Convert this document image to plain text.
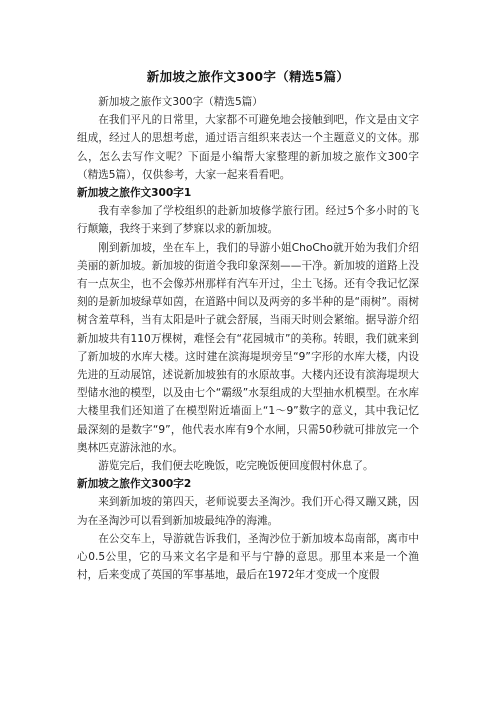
新加坡之旅作文300字（精选5篇）

新加坡之旅作文300字（精选5篇）

在我们平凡的日常里，大家都不可避免地会接触到吧，作文是由文字组成，经过人的思想考虑，通过语言组织来表达一个主题意义的文体。那么，怎么去写作文呢？下面是小编帮大家整理的新加坡之旅作文300字（精选5篇），仅供参考，大家一起来看看吧。

新加坡之旅作文300字1

我有幸参加了学校组织的赴新加坡修学旅行团。经过5个多小时的飞行颠簸，我终于来到了梦寐以求的新加坡。

刚到新加坡，坐在车上，我们的导游小姐ChoCho就开始为我们介绍美丽的新加坡。新加坡的街道令我印象深刻——干净。新加坡的道路上没有一点灰尘，也不会像苏州那样有汽车开过，尘土飞扬。还有令我记忆深刻的是新加坡绿草如茵，在道路中间以及两旁的多半种的是“雨树”。雨树树含羞草科，当有太阳是叶子就会舒展，当雨天时则会紧缩。据导游介绍新加坡共有110万棵树，难怪会有“花园城市”的美称。转眼，我们就来到了新加坡的水库大楼。这时建在滨海堤坝旁呈“9”字形的水库大楼，内设先进的互动展馆，述说新加坡独有的水原故事。大楼内还设有滨海堤坝大型储水池的模型，以及由七个“霸级”水泵组成的大型抽水机模型。在水库大楼里我们还知道了在模型附近墙面上“1～9”数字的意义，其中我记忆最深刻的是数字“9”，他代表水库有9个水闸，只需50秒就可排放完一个奥林匹克游泳池的水。

游览完后，我们便去吃晚饭，吃完晚饭便回度假村休息了。

新加坡之旅作文300字2

来到新加坡的第四天，老师说要去圣淘沙。我们开心得又蹦又跳，因为在圣淘沙可以看到新加坡最纯净的海滩。

在公交车上，导游就告诉我们，圣淘沙位于新加坡本岛南部，离市中心0.5公里，它的马来文名字是和平与宁静的意思。那里本来是一个渔村，后来变成了英国的军事基地，最后在1972年才变成一个度假
